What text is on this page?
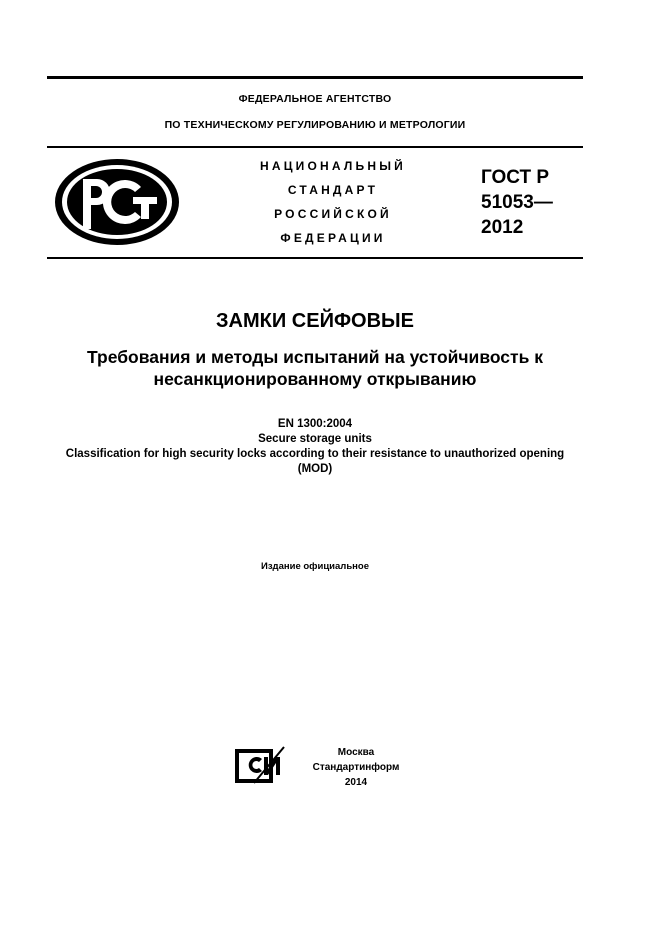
ФЕДЕРАЛЬНОЕ АГЕНТСТВО
ПО ТЕХНИЧЕСКОМУ РЕГУЛИРОВАНИЮ И МЕТРОЛОГИИ
НАЦИОНАЛЬНЫЙ
СТАНДАРТ
РОССИЙСКОЙ
ФЕДЕРАЦИИ
ГОСТ Р
51053—
2012
ЗАМКИ СЕЙФОВЫЕ
Требования и методы испытаний на устойчивость к несанкционированному открыванию
EN 1300:2004
Secure storage units
Classification for high security locks according to their resistance to unauthorized opening
(MOD)
Издание официальное
Москва
Стандартинформ
2014
